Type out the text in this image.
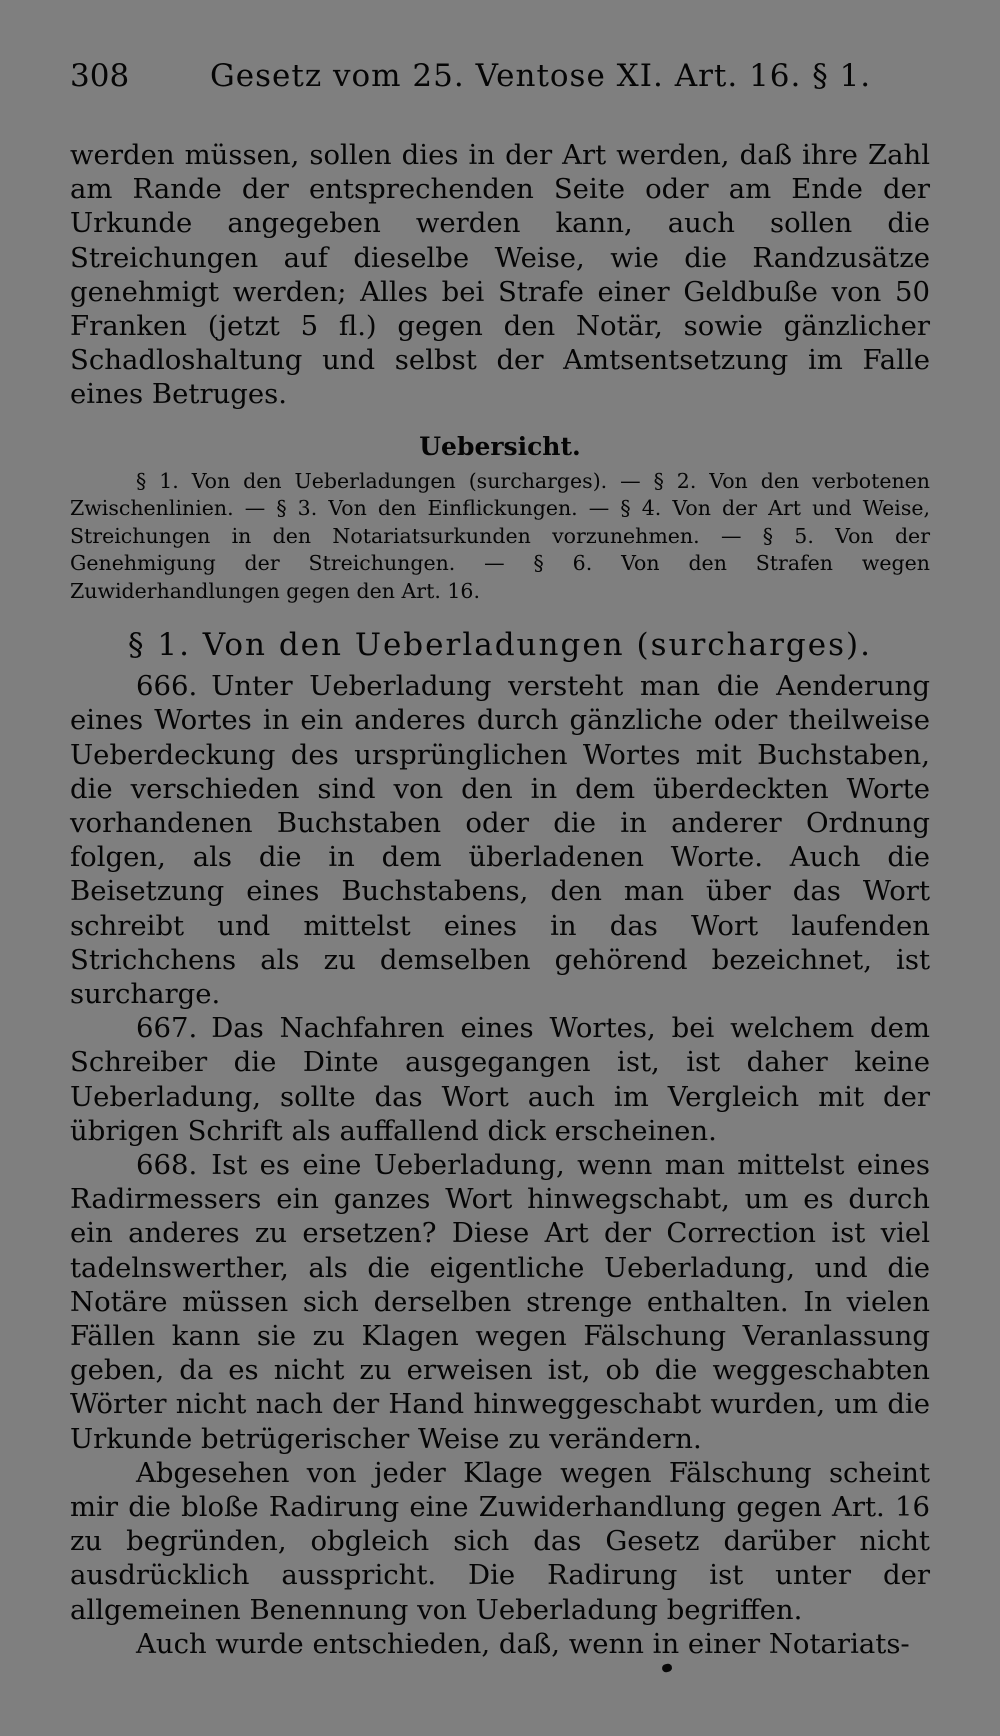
308	Gesetz vom 25. Ventose XI. Art. 16. § 1.

werden müssen, sollen dies in der Art werden, daß ihre Zahl am Rande der entsprechenden Seite oder am Ende der Urkunde angegeben werden kann, auch sollen die Streichungen auf dieselbe Weise, wie die Randzusätze genehmigt werden; Alles bei Strafe einer Geldbuße von 50 Franken (jetzt 5 fl.) gegen den Notär, sowie gänzlicher Schadloshaltung und selbst der Amtsentsetzung im Falle eines Betruges.

Uebersicht.

§ 1. Von den Ueberladungen (surcharges). — § 2. Von den verbotenen Zwischenlinien. — § 3. Von den Einflickungen. — § 4. Von der Art und Weise, Streichungen in den Notariatsurkunden vorzunehmen. — § 5. Von der Genehmigung der Streichungen. — § 6. Von den Strafen wegen Zuwiderhandlungen gegen den Art. 16.

§ 1. Von den Ueberladungen (surcharges).

666. Unter Ueberladung versteht man die Aenderung eines Wortes in ein anderes durch gänzliche oder theilweise Ueberdeckung des ursprünglichen Wortes mit Buchstaben, die verschieden sind von den in dem überdeckten Worte vorhandenen Buchstaben oder die in anderer Ordnung folgen, als die in dem überladenen Worte. Auch die Beisetzung eines Buchstabens, den man über das Wort schreibt und mittelst eines in das Wort laufenden Strichchens als zu demselben gehörend bezeichnet, ist surcharge.

667. Das Nachfahren eines Wortes, bei welchem dem Schreiber die Dinte ausgegangen ist, ist daher keine Ueberladung, sollte das Wort auch im Vergleich mit der übrigen Schrift als auffallend dick erscheinen.

668. Ist es eine Ueberladung, wenn man mittelst eines Radirmessers ein ganzes Wort hinwegschabt, um es durch ein anderes zu ersetzen? Diese Art der Correction ist viel tadelnswerther, als die eigentliche Ueberladung, und die Notäre müssen sich derselben strenge enthalten. In vielen Fällen kann sie zu Klagen wegen Fälschung Veranlassung geben, da es nicht zu erweisen ist, ob die weggeschabten Wörter nicht nach der Hand hinweggeschabt wurden, um die Urkunde betrügerischer Weise zu verändern.

Abgesehen von jeder Klage wegen Fälschung scheint mir die bloße Radirung eine Zuwiderhandlung gegen Art. 16 zu begründen, obgleich sich das Gesetz darüber nicht ausdrücklich ausspricht. Die Radirung ist unter der allgemeinen Benennung von Ueberladung begriffen.

Auch wurde entschieden, daß, wenn in einer Notariats-
